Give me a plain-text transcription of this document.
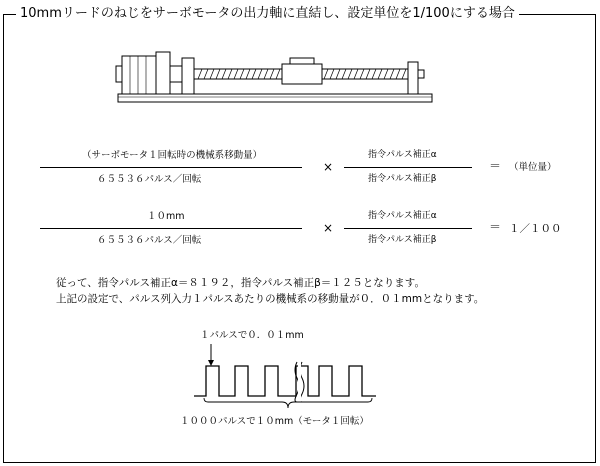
10mmリードのねじをサーボモータの出力軸に直結し、設定単位を1/100にする場合
（サーボモータ１回転時の機械系移動量）
６５５３６パルス／回転
×
指令パルス補正α
指令パルス補正β
＝ （単位量）
１０mm
６５５３６パルス／回転
×
指令パルス補正α
指令パルス補正β
＝ １／１００
従って、指令パルス補正α＝８１９２，指令パルス補正β＝１２５となります。
上記の設定で、パルス列入力１パルスあたりの機械系の移動量が０．０１mmとなります。
１パルスで０．０１mm
１０００パルスで１０mm（モータ１回転）
